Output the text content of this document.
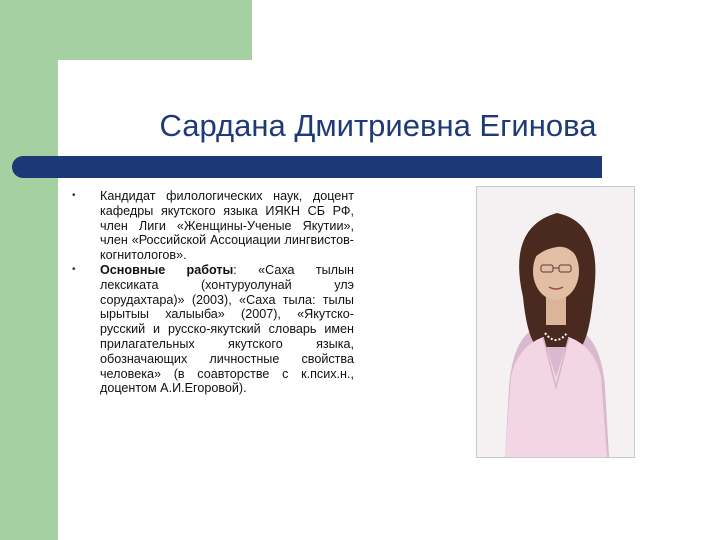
Сардана Дмитриевна Егинова
• Кандидат филологических наук, доцент кафедры якутского языка ИЯКН СБ РФ, член Лиги «Женщины-Ученые Якутии», член «Российской Ассоциации лингвистов-когнитологов».
• Основные работы: «Саха тылын лексиката (хонтуруолунай улэ сорудахтара)» (2003), «Саха тыла: тылы ырытыы халыыба» (2007), «Якутско-русский и русско-якутский словарь имен прилагательных якутского языка, обозначающих личностные свойства человека» (в соавторстве с к.псих.н., доцентом А.И.Егоровой).
